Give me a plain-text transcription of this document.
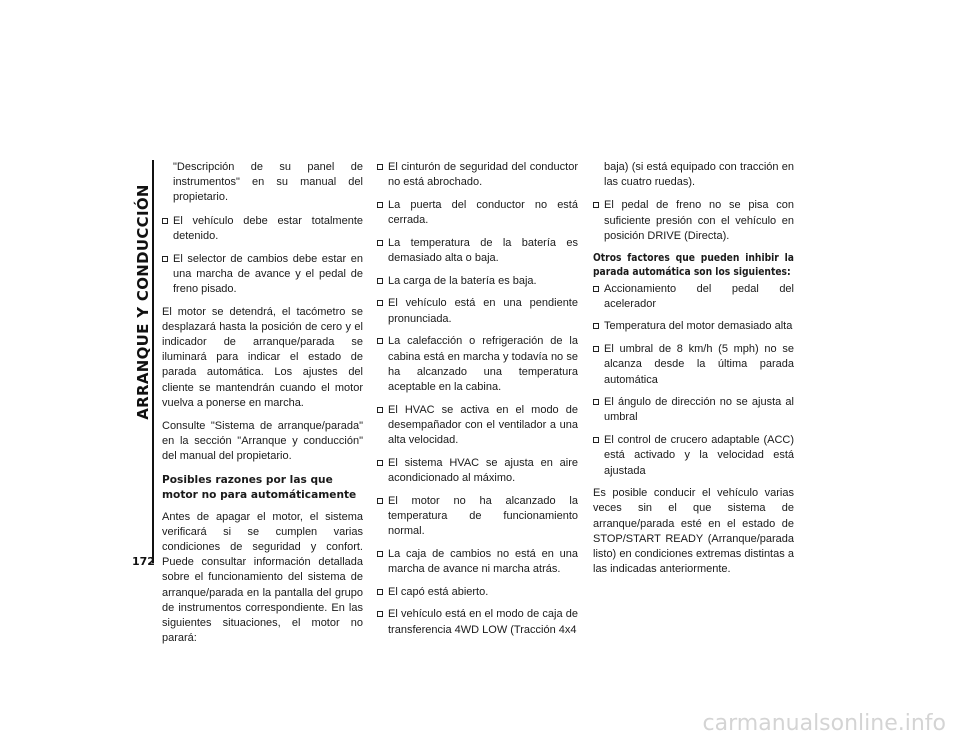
ARRANQUE Y CONDUCCIÓN
172

"Descripción de su panel de instrumentos" en su manual del propietario.

El vehículo debe estar totalmente detenido.
El selector de cambios debe estar en una marcha de avance y el pedal de freno pisado.

El motor se detendrá, el tacómetro se desplazará hasta la posición de cero y el indicador de arranque/parada se iluminará para indicar el estado de parada automática. Los ajustes del cliente se mantendrán cuando el motor vuelva a ponerse en marcha.

Consulte "Sistema de arranque/parada" en la sección "Arranque y conducción" del manual del propietario.

Posibles razones por las que motor no para automáticamente

Antes de apagar el motor, el sistema verificará si se cumplen varias condiciones de seguridad y confort. Puede consultar información detallada sobre el funcionamiento del sistema de arranque/parada en la pantalla del grupo de instrumentos correspondiente. En las siguientes situaciones, el motor no parará:

El cinturón de seguridad del conductor no está abrochado.
La puerta del conductor no está cerrada.
La temperatura de la batería es demasiado alta o baja.
La carga de la batería es baja.
El vehículo está en una pendiente pronunciada.
La calefacción o refrigeración de la cabina está en marcha y todavía no se ha alcanzado una temperatura aceptable en la cabina.
El HVAC se activa en el modo de desempañador con el ventilador a una alta velocidad.
El sistema HVAC se ajusta en aire acondicionado al máximo.
El motor no ha alcanzado la temperatura de funcionamiento normal.
La caja de cambios no está en una marcha de avance ni marcha atrás.
El capó está abierto.
El vehículo está en el modo de caja de transferencia 4WD LOW (Tracción 4x4

baja) (si está equipado con tracción en las cuatro ruedas).

El pedal de freno no se pisa con suficiente presión con el vehículo en posición DRIVE (Directa).
Otros factores que pueden inhibir la parada automática son los siguientes:
Accionamiento del pedal del acelerador
Temperatura del motor demasiado alta
El umbral de 8 km/h (5 mph) no se alcanza desde la última parada automática
El ángulo de dirección no se ajusta al umbral
El control de crucero adaptable (ACC) está activado y la velocidad está ajustada

Es posible conducir el vehículo varias veces sin el que sistema de arranque/parada esté en el estado de STOP/START READY (Arranque/parada listo) en condiciones extremas distintas a las indicadas anteriormente.

carmanualsonline.info
